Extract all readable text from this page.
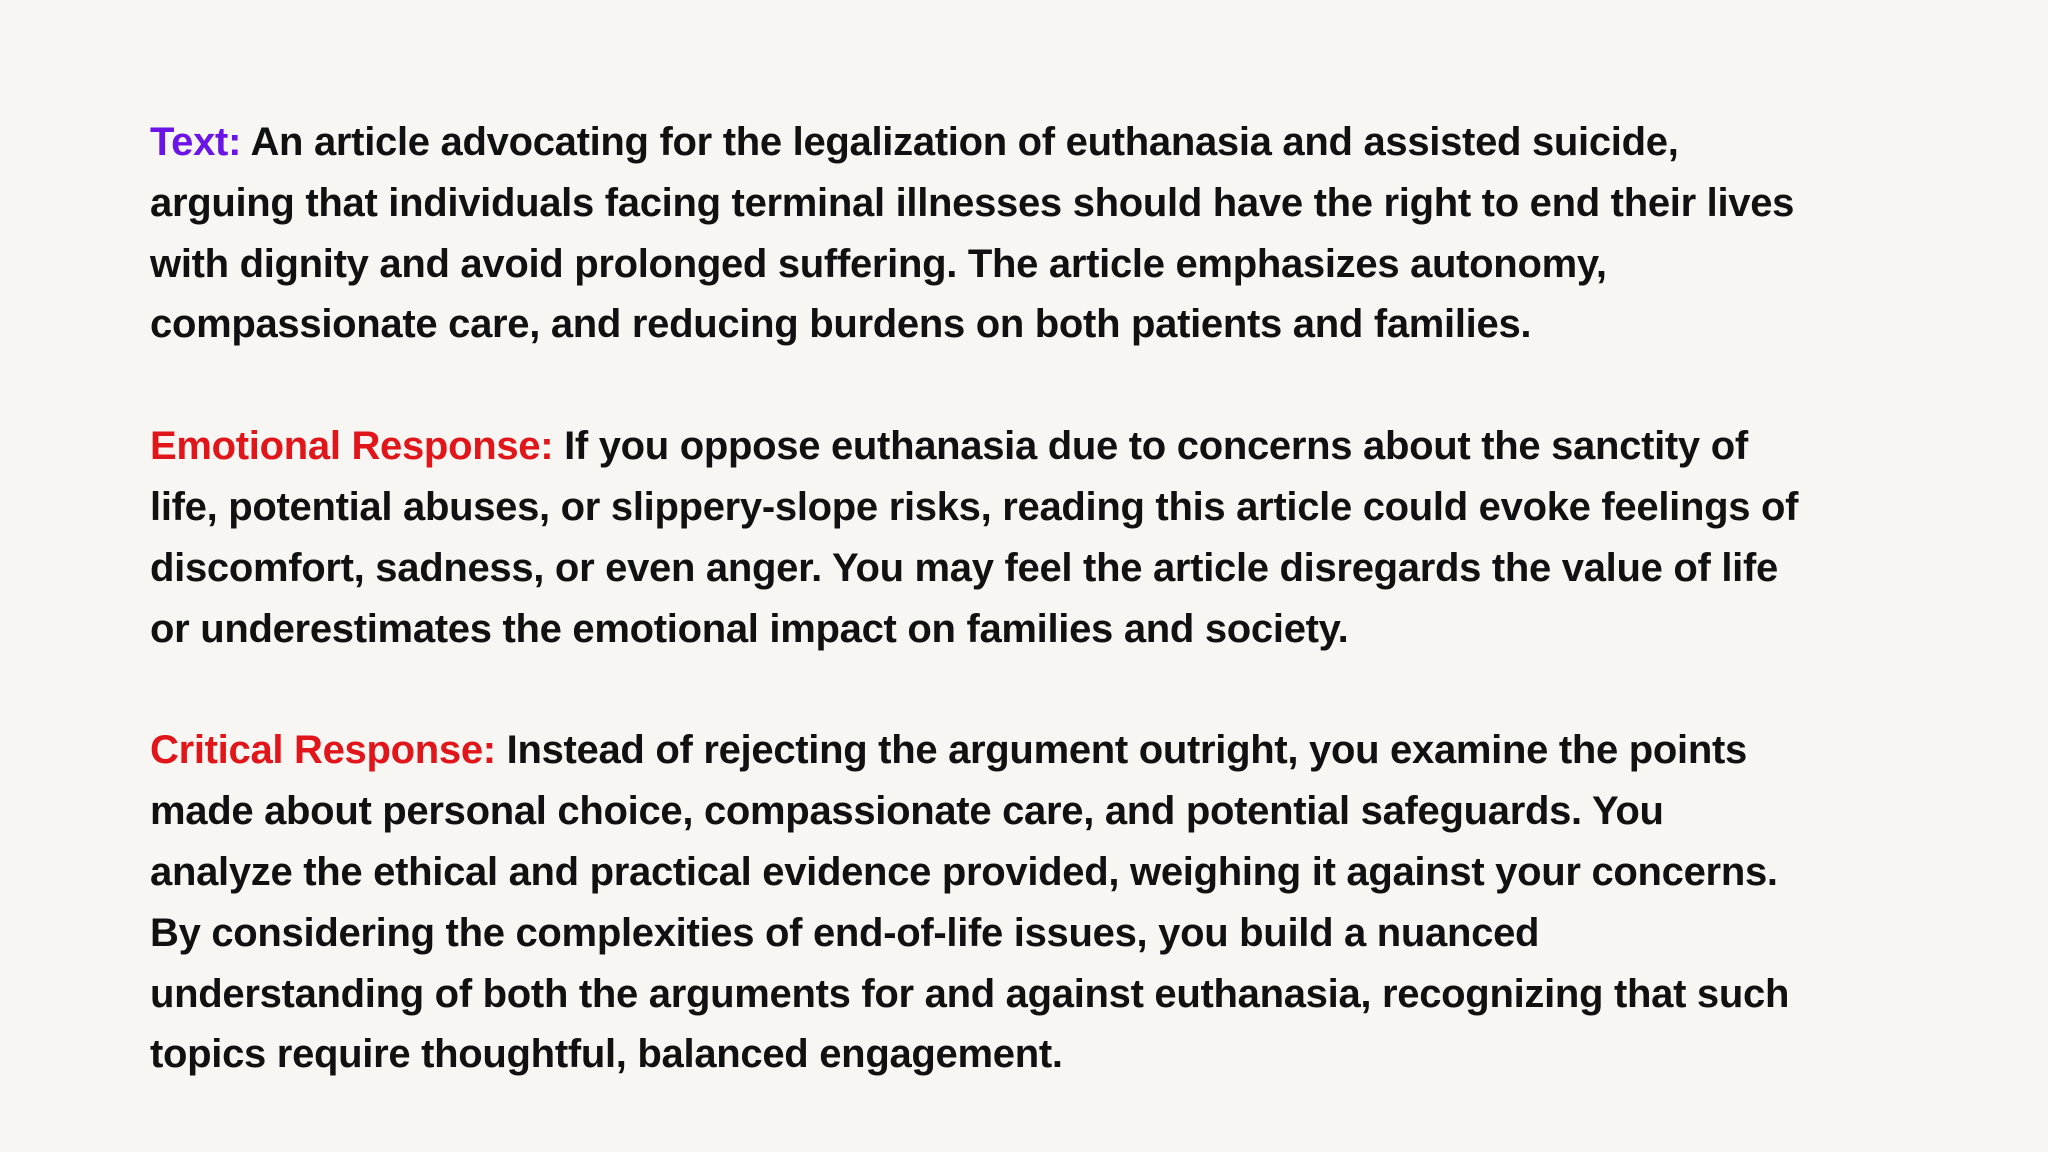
Text: An article advocating for the legalization of euthanasia and assisted suicide, arguing that individuals facing terminal illnesses should have the right to end their lives with dignity and avoid prolonged suffering. The article emphasizes autonomy, compassionate care, and reducing burdens on both patients and families.

Emotional Response: If you oppose euthanasia due to concerns about the sanctity of life, potential abuses, or slippery-slope risks, reading this article could evoke feelings of discomfort, sadness, or even anger. You may feel the article disregards the value of life or underestimates the emotional impact on families and society.

Critical Response: Instead of rejecting the argument outright, you examine the points made about personal choice, compassionate care, and potential safeguards. You analyze the ethical and practical evidence provided, weighing it against your concerns. By considering the complexities of end-of-life issues, you build a nuanced understanding of both the arguments for and against euthanasia, recognizing that such topics require thoughtful, balanced engagement.
